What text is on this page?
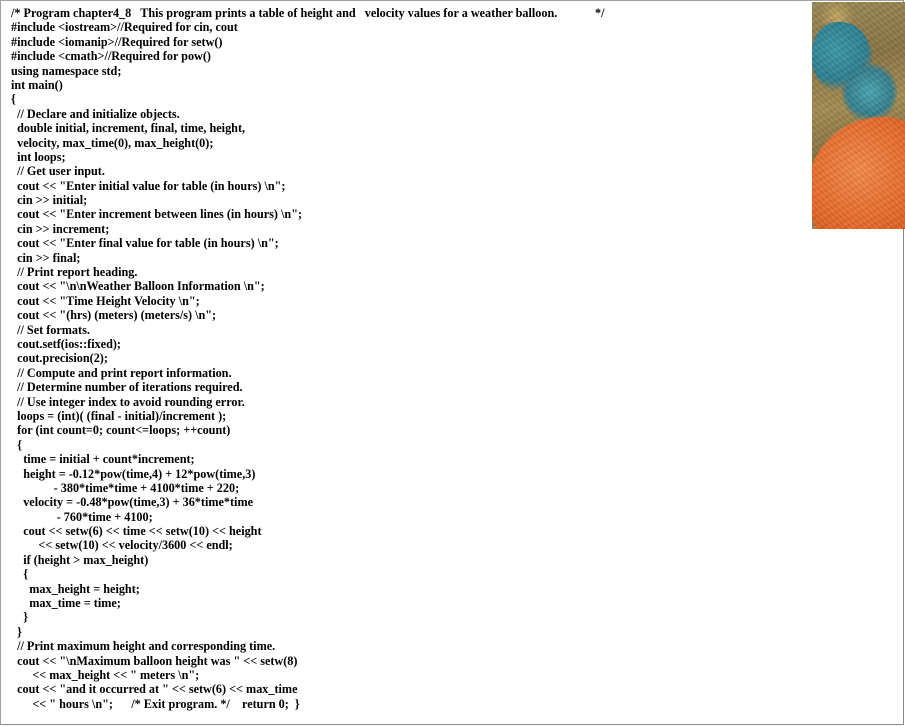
/* Program chapter4_8   This program prints a table of height and   velocity values for a weather balloon.	*/
#include <iostream>//Required for cin, cout
#include <iomanip>//Required for setw()
#include <cmath>//Required for pow()
using namespace std;
int main()
{
// Declare and initialize objects.
double initial, increment, final, time, height,
velocity, max_time(0), max_height(0);
int loops;
// Get user input.
cout << "Enter initial value for table (in hours) \n";
cin >> initial;
cout << "Enter increment between lines (in hours) \n";
cin >> increment;
cout << "Enter final value for table (in hours) \n";
cin >> final;
// Print report heading.
cout << "\n\nWeather Balloon Information \n";
cout << "Time Height Velocity \n";
cout << "(hrs) (meters) (meters/s) \n";
// Set formats.
cout.setf(ios::fixed);
cout.precision(2);
// Compute and print report information.
// Determine number of iterations required.
// Use integer index to avoid rounding error.
loops = (int)( (final - initial)/increment );
for (int count=0; count<=loops; ++count)
{
time = initial + count*increment;
height = -0.12*pow(time,4) + 12*pow(time,3)
- 380*time*time + 4100*time + 220;
velocity = -0.48*pow(time,3) + 36*time*time
- 760*time + 4100;
cout << setw(6) << time << setw(10) << height
<< setw(10) << velocity/3600 << endl;
if (height > max_height)
{
max_height = height;
max_time = time;
}
}
// Print maximum height and corresponding time.
cout << "\nMaximum balloon height was " << setw(8)
<< max_height << " meters \n";
cout << "and it occurred at " << setw(6) << max_time
<< " hours \n";      /* Exit program. */    return 0;  }
